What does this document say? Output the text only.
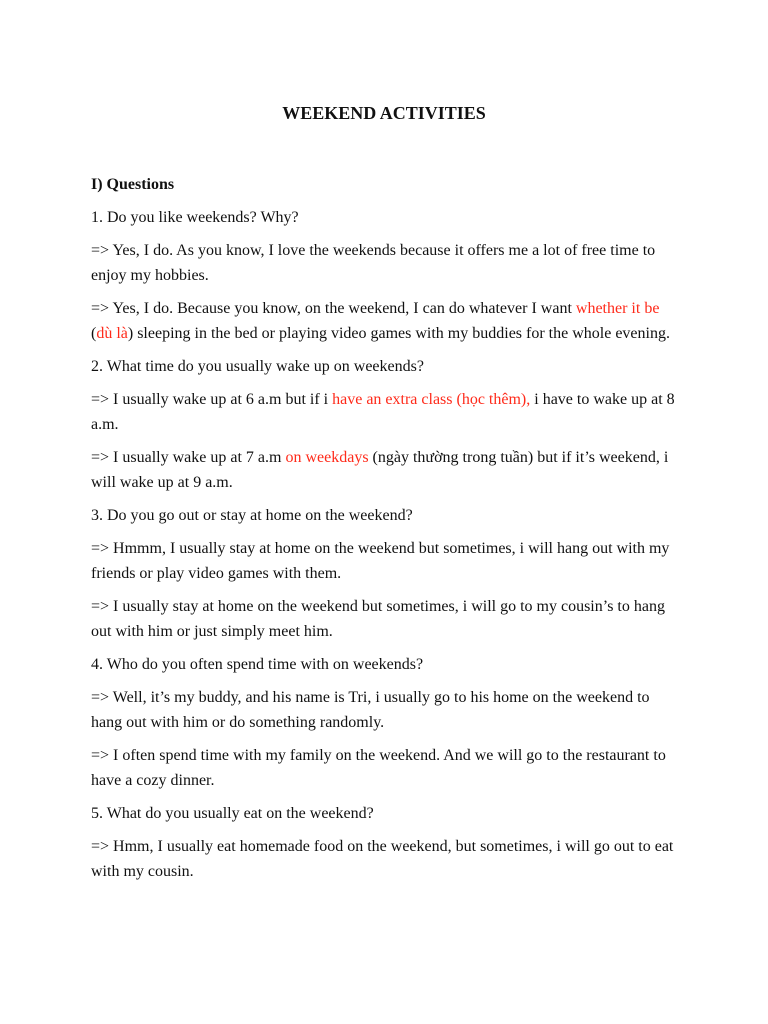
WEEKEND ACTIVITIES

I) Questions

1. Do you like weekends? Why?

=> Yes, I do. As you know, I love the weekends because it offers me a lot of free time to enjoy my hobbies.

=> Yes, I do. Because you know, on the weekend, I can do whatever I want whether it be (dù là) sleeping in the bed or playing video games with my buddies for the whole evening.

2. What time do you usually wake up on weekends?

=> I usually wake up at 6 a.m but if i have an extra class (học thêm), i have to wake up at 8 a.m.

=> I usually wake up at 7 a.m on weekdays (ngày thường trong tuần) but if it’s weekend, i will wake up at 9 a.m.

3. Do you go out or stay at home on the weekend?

=> Hmmm, I usually stay at home on the weekend but sometimes, i will hang out with my friends or play video games with them.

=> I usually stay at home on the weekend but sometimes, i will go to my cousin’s to hang out with him or just simply meet him.

4. Who do you often spend time with on weekends?

=> Well, it’s my buddy, and his name is Tri, i usually go to his home on the weekend to hang out with him or do something randomly.

=> I often spend time with my family on the weekend. And we will go to the restaurant to have a cozy dinner.

5. What do you usually eat on the weekend?

=> Hmm, I usually eat homemade food on the weekend, but sometimes, i will go out to eat with my cousin.
